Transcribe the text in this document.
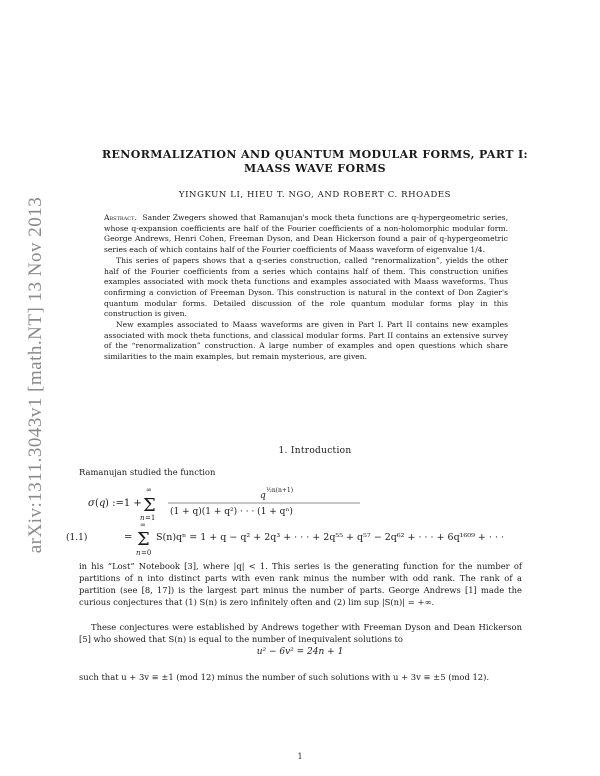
arXiv:1311.3043v1 [math.NT] 13 Nov 2013
RENORMALIZATION AND QUANTUM MODULAR FORMS, PART I:
MAASS WAVE FORMS
YINGKUN LI, HIEU T. NGO, AND ROBERT C. RHOADES

Abstract. Sander Zwegers showed that Ramanujan's mock theta functions are q-hypergeometric series, whose q-expansion coefficients are half of the Fourier coefficients of a non-holomorphic modular form. George Andrews, Henri Cohen, Freeman Dyson, and Dean Hickerson found a pair of q-hypergeometric series each of which contains half of the Fourier coefficients of Maass waveform of eigenvalue 1/4.

This series of papers shows that a q-series construction, called “renormalization”, yields the other half of the Fourier coefficients from a series which contains half of them. This construction unifies examples associated with mock theta functions and examples associated with Maass waveforms. Thus confirming a conviction of Freeman Dyson. This construction is natural in the context of Don Zagier's quantum modular forms. Detailed discussion of the role quantum modular forms play in this construction is given.

New examples associated to Maass waveforms are given in Part I. Part II contains new examples associated with mock theta functions, and classical modular forms. Part II contains an extensive survey of the “renormalization” construction. A large number of examples and open questions which share similarities to the main examples, but remain mysterious, are given.

1. Introduction
Ramanujan studied the function
σ ( q ) :=1 + Σ
∞
n =1
q
½n(n+1)
(1 + q)(1 + q²) · · · (1 + qⁿ)
(1.1)	= Σ
∞
n =0
S(n)qⁿ = 1 + q − q² + 2q³ + · · · + 2q⁵⁵ + q⁵⁷ − 2q⁶² + · · · + 6q¹⁶⁰⁹ + · · ·
in his “Lost” Notebook [3], where |q| < 1. This series is the generating function for the number of partitions of n into distinct parts with even rank minus the number with odd rank. The rank of a partition (see [8, 17]) is the largest part minus the number of parts. George Andrews [1] made the curious conjectures that (1) S(n) is zero infinitely often and (2) lim sup |S(n)| = +∞.

These conjectures were established by Andrews together with Freeman Dyson and Dean Hickerson [5] who showed that S(n) is equal to the number of inequivalent solutions to

u² − 6v² = 24n + 1
such that u + 3v ≡ ±1 (mod 12) minus the number of such solutions with u + 3v ≡ ±5 (mod 12).
1
